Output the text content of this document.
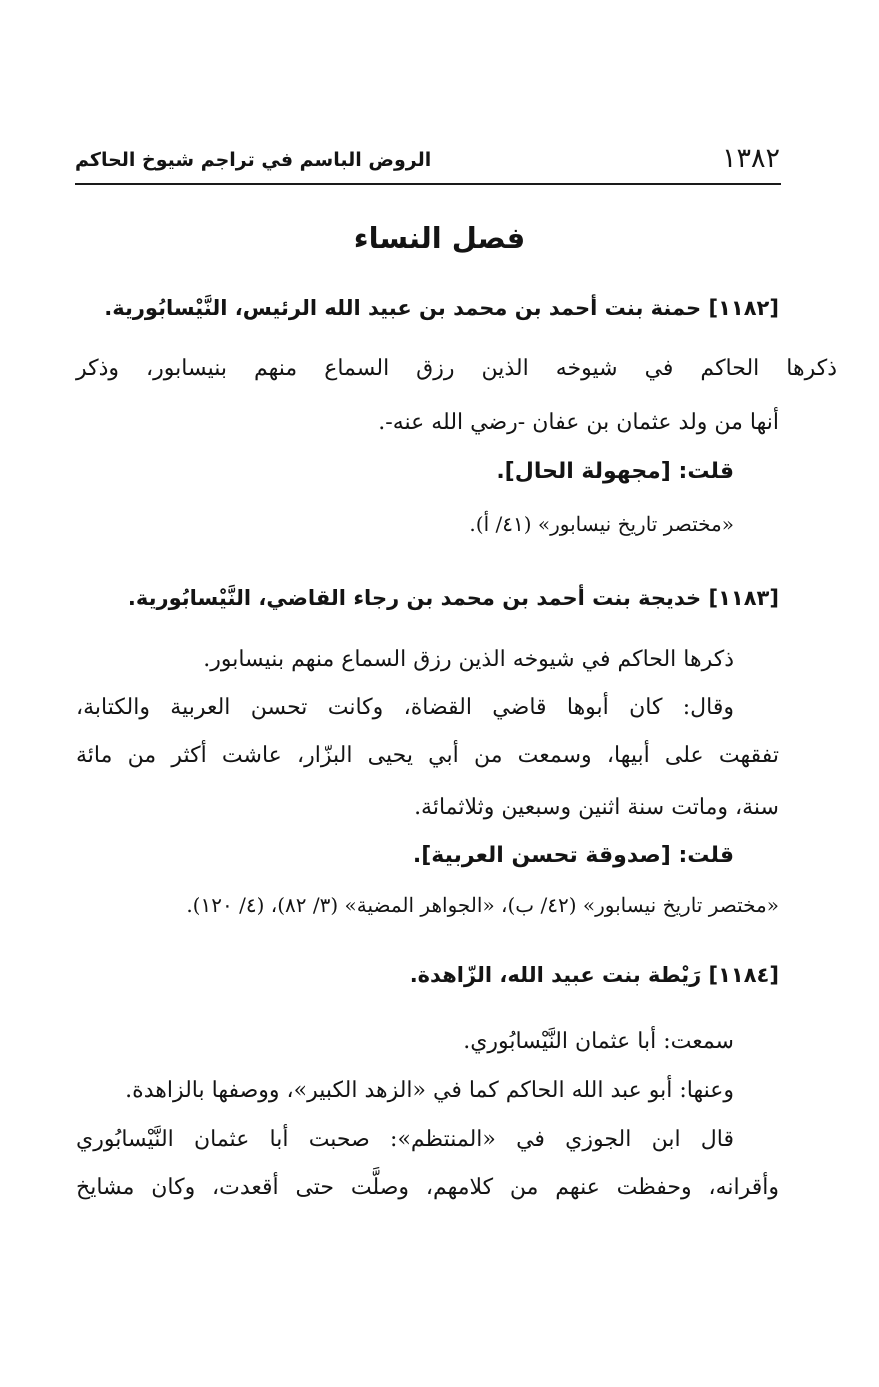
١٣٨٢
الروض الباسم في تراجم شيوخ الحاكم
فصل النساء
[١١٨٢] حمنة بنت أحمد بن محمد بن عبيد الله الرئيس، النَّيْسابُورية.
ذكرها الحاكم في شيوخه الذين رزق السماع منهم بنيسابور، وذكر
أنها من ولد عثمان بن عفان -رضي الله عنه-.
قلت: [مجهولة الحال].
«مختصر تاريخ نيسابور» (٤١/ أ).
[١١٨٣] خديجة بنت أحمد بن محمد بن رجاء القاضي، النَّيْسابُورية.
ذكرها الحاكم في شيوخه الذين رزق السماع منهم بنيسابور.
وقال: كان أبوها قاضي القضاة، وكانت تحسن العربية والكتابة،
تفقهت على أبيها، وسمعت من أبي يحيى البزّار، عاشت أكثر من مائة
سنة، وماتت سنة اثنين وسبعين وثلاثمائة.
قلت: [صدوقة تحسن العربية].
«مختصر تاريخ نيسابور» (٤٢/ ب)، «الجواهر المضية» (٣/ ٨٢)، (٤/ ١٢٠).
[١١٨٤] رَيْطة بنت عبيد الله، الزّاهدة.
سمعت: أبا عثمان النَّيْسابُوري.
وعنها: أبو عبد الله الحاكم كما في «الزهد الكبير»، ووصفها بالزاهدة.
قال ابن الجوزي في «المنتظم»: صحبت أبا عثمان النَّيْسابُوري
وأقرانه، وحفظت عنهم من كلامهم، وصلَّت حتى أقعدت، وكان مشايخ
